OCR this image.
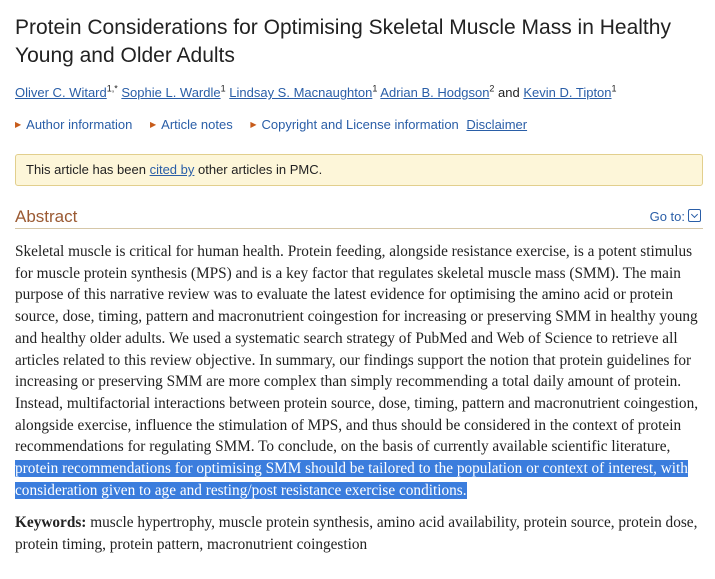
Protein Considerations for Optimising Skeletal Muscle Mass in Healthy Young and Older Adults
Oliver C. Witard$^{1,*}$ Sophie L. Wardle$^1$ Lindsay S. Macnaughton$^1$ Adrian B. Hodgson$^2$ and Kevin D. Tipton$^1$
▶ Author information ▶ Article notes ▶ Copyright and License information Disclaimer
This article has been cited by other articles in PMC.
Abstract	Go to:
Skeletal muscle is critical for human health. Protein feeding, alongside resistance exercise, is a potent stimulus for muscle protein synthesis (MPS) and is a key factor that regulates skeletal muscle mass (SMM). The main purpose of this narrative review was to evaluate the latest evidence for optimising the amino acid or protein source, dose, timing, pattern and macronutrient coingestion for increasing or preserving SMM in healthy young and healthy older adults. We used a systematic search strategy of PubMed and Web of Science to retrieve all articles related to this review objective. In summary, our findings support the notion that protein guidelines for increasing or preserving SMM are more complex than simply recommending a total daily amount of protein. Instead, multifactorial interactions between protein source, dose, timing, pattern and macronutrient coingestion, alongside exercise, influence the stimulation of MPS, and thus should be considered in the context of protein recommendations for regulating SMM. To conclude, on the basis of currently available scientific literature, protein recommendations for optimising SMM should be tailored to the population or context of interest, with consideration given to age and resting/post resistance exercise conditions.
Keywords: muscle hypertrophy, muscle protein synthesis, amino acid availability, protein source, protein dose, protein timing, protein pattern, macronutrient coingestion
